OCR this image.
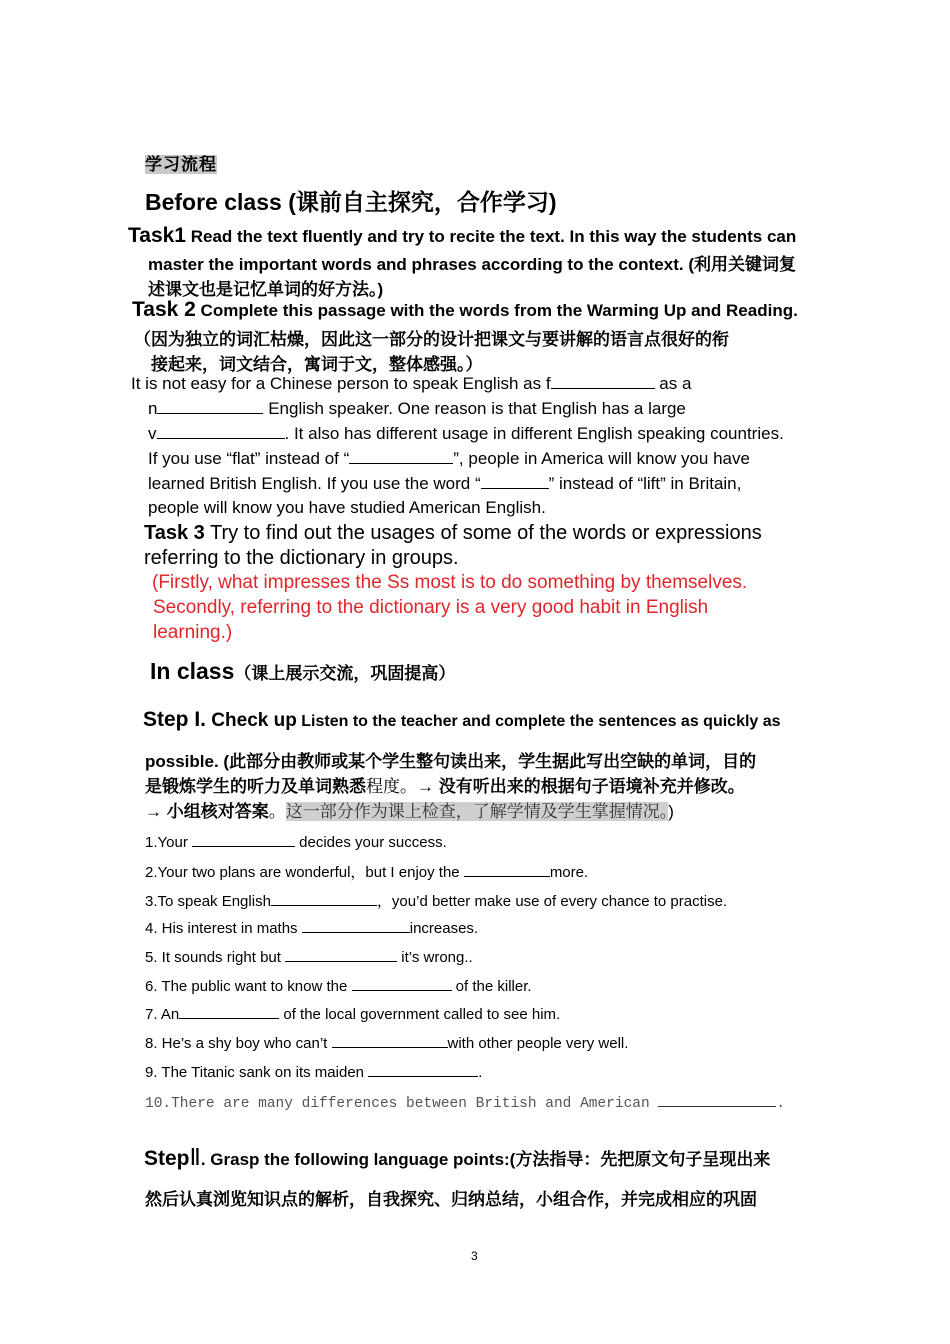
学习流程
Before class (课前自主探究，合作学习)
Task1 Read the text fluently and try to recite the text. In this way the students can
master the important words and phrases according to the context. (利用关键词复
述课文也是记忆单词的好方法。)
Task 2 Complete this passage with the words from the Warming Up and Reading.
（因为独立的词汇枯燥，因此这一部分的设计把课文与要讲解的语言点很好的衔
接起来，词文结合，寓词于文，整体感强。）
It is not easy for a Chinese person to speak English as f	as a
n	English speaker. One reason is that English has a large
v	. It also has different usage in different English speaking countries.
If you use “flat” instead of “	”, people in America will know you have
learned British English. If you use the word “	” instead of “lift” in Britain,
people will know you have studied American English.
Task 3 Try to find out the usages of some of the words or expressions
referring to the dictionary in groups.
(Firstly, what impresses the Ss most is to do something by themselves.
Secondly, referring to the dictionary is a very good habit in English
learning.)
In class（课上展示交流，巩固提高）
Step I. Check up Listen to the teacher and complete the sentences as quickly as
possible. (此部分由教师或某个学生整句读出来，学生据此写出空缺的单词，目的
是锻炼学生的听力及单词熟悉程度。→ 没有听出来的根据句子语境补充并修改。
→ 小组核对答案。这一部分作为课上检查，了解学情及学生掌握情况。)
1.Your	decides your success.
2.Your two plans are wonderful，but I enjoy the	more.
3.To speak English	，you’d better make use of every chance to practise.
4. His interest in maths	increases.
5. It sounds right but	it’s wrong..
6. The public want to know the	of the killer.
7. An	of the local government called to see him.
8. He’s a shy boy who can’t	with other people very well.
9. The Titanic sank on its maiden	.
10.There are many differences between British and American	.
StepⅡ. Grasp the following language points:(方法指导：先把原文句子呈现出来
然后认真浏览知识点的解析，自我探究、归纳总结，小组合作，并完成相应的巩固
3
